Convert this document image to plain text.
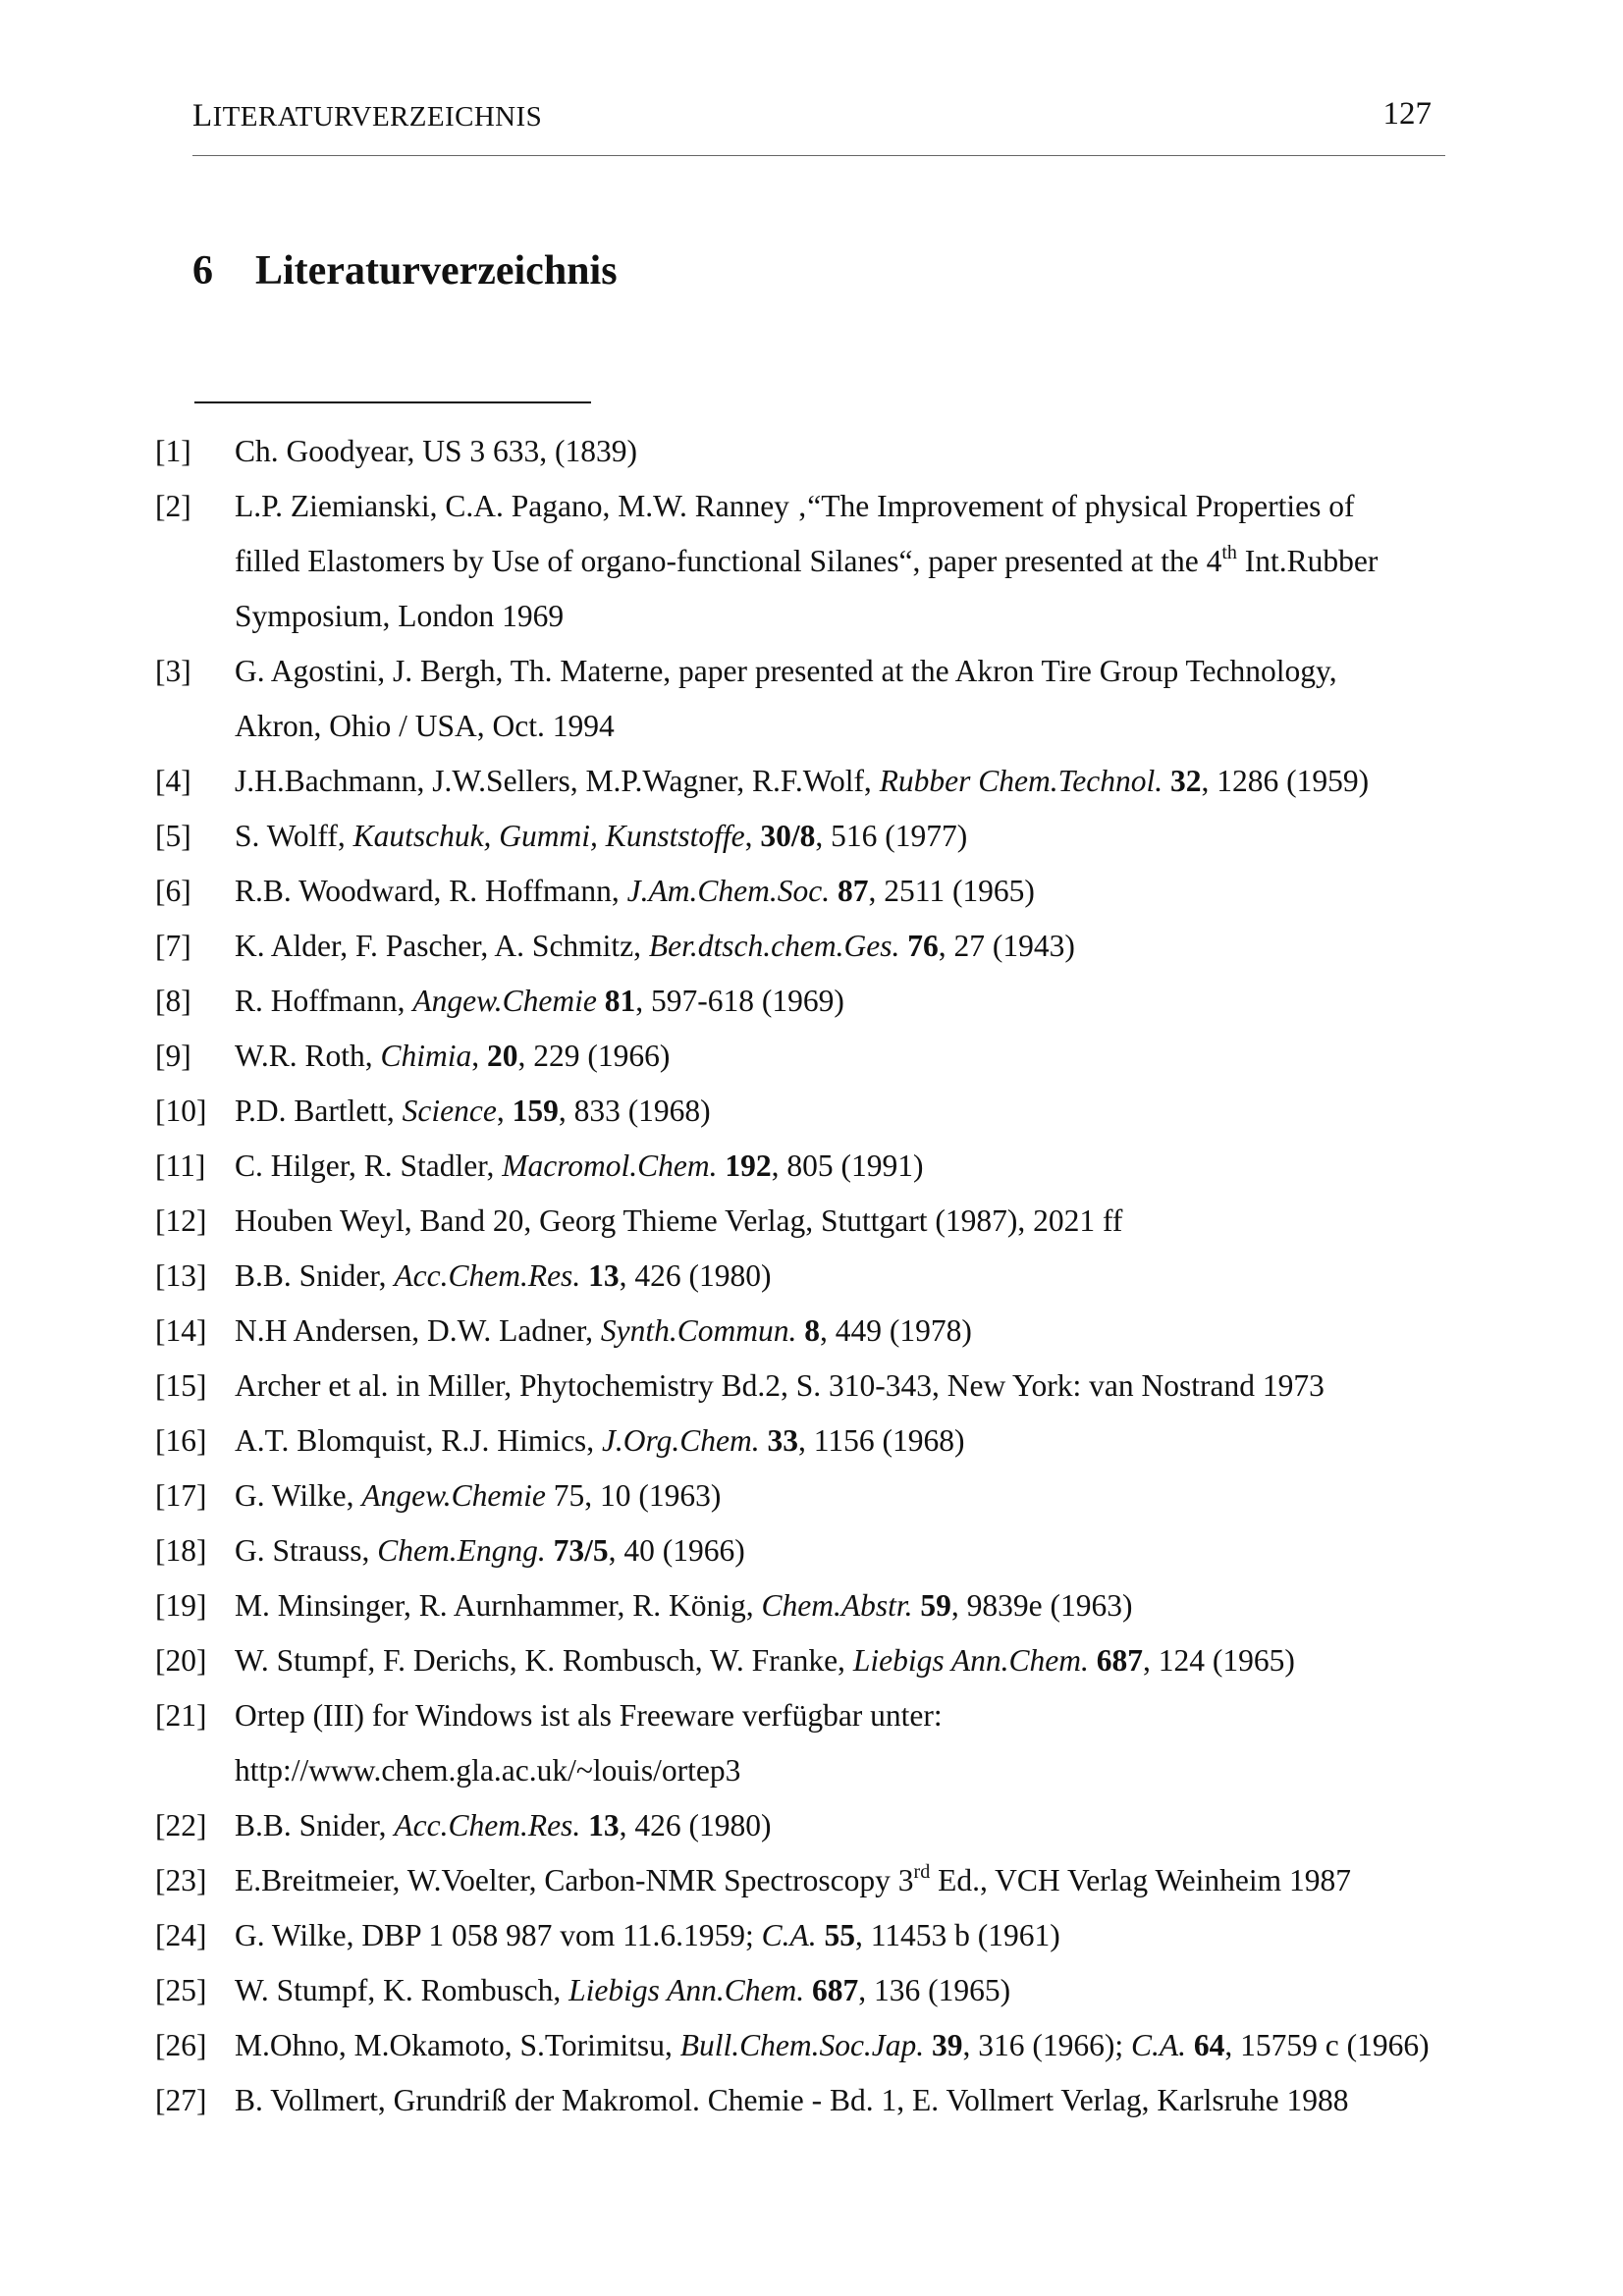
LITERATURVERZEICHNIS	127
6 Literaturverzeichnis
[1]	Ch. Goodyear, US 3 633, (1839)
[2]	L.P. Ziemianski, C.A. Pagano, M.W. Ranney ‚“The Improvement of physical Properties of
filled Elastomers by Use of organo-functional Silanes“, paper presented at the 4th Int.Rubber
Symposium, London 1969
[3]	G. Agostini, J. Bergh, Th. Materne, paper presented at the Akron Tire Group Technology,
Akron, Ohio / USA, Oct. 1994
[4]	J.H.Bachmann, J.W.Sellers, M.P.Wagner, R.F.Wolf, Rubber Chem.Technol. 32, 1286 (1959)
[5]	S. Wolff, Kautschuk, Gummi, Kunststoffe, 30/8, 516 (1977)
[6]	R.B. Woodward, R. Hoffmann, J.Am.Chem.Soc. 87, 2511 (1965)
[7]	K. Alder, F. Pascher, A. Schmitz, Ber.dtsch.chem.Ges. 76, 27 (1943)
[8]	R. Hoffmann, Angew.Chemie 81, 597-618 (1969)
[9]	W.R. Roth, Chimia, 20, 229 (1966)
[10] P.D. Bartlett, Science, 159, 833 (1968)
[11] C. Hilger, R. Stadler, Macromol.Chem. 192, 805 (1991)
[12] Houben Weyl, Band 20, Georg Thieme Verlag, Stuttgart (1987), 2021 ff
[13] B.B. Snider, Acc.Chem.Res. 13, 426 (1980)
[14] N.H Andersen, D.W. Ladner, Synth.Commun. 8, 449 (1978)
[15] Archer et al. in Miller, Phytochemistry Bd.2, S. 310-343, New York: van Nostrand 1973
[16] A.T. Blomquist, R.J. Himics, J.Org.Chem. 33, 1156 (1968)
[17] G. Wilke, Angew.Chemie 75, 10 (1963)
[18] G. Strauss, Chem.Engng. 73/5, 40 (1966)
[19] M. Minsinger, R. Aurnhammer, R. König, Chem.Abstr. 59, 9839e (1963)
[20] W. Stumpf, F. Derichs, K. Rombusch, W. Franke, Liebigs Ann.Chem. 687, 124 (1965)
[21] Ortep (III) for Windows ist als Freeware verfügbar unter:
http://www.chem.gla.ac.uk/~louis/ortep3
[22] B.B. Snider, Acc.Chem.Res. 13, 426 (1980)
[23] E.Breitmeier, W.Voelter, Carbon-NMR Spectroscopy 3rd Ed., VCH Verlag Weinheim 1987
[24] G. Wilke, DBP 1 058 987 vom 11.6.1959; C.A. 55, 11453 b (1961)
[25] W. Stumpf, K. Rombusch, Liebigs Ann.Chem. 687, 136 (1965)
[26] M.Ohno, M.Okamoto, S.Torimitsu, Bull.Chem.Soc.Jap. 39, 316 (1966); C.A. 64, 15759 c (1966)
[27] B. Vollmert, Grundriß der Makromol. Chemie - Bd. 1, E. Vollmert Verlag, Karlsruhe 1988
